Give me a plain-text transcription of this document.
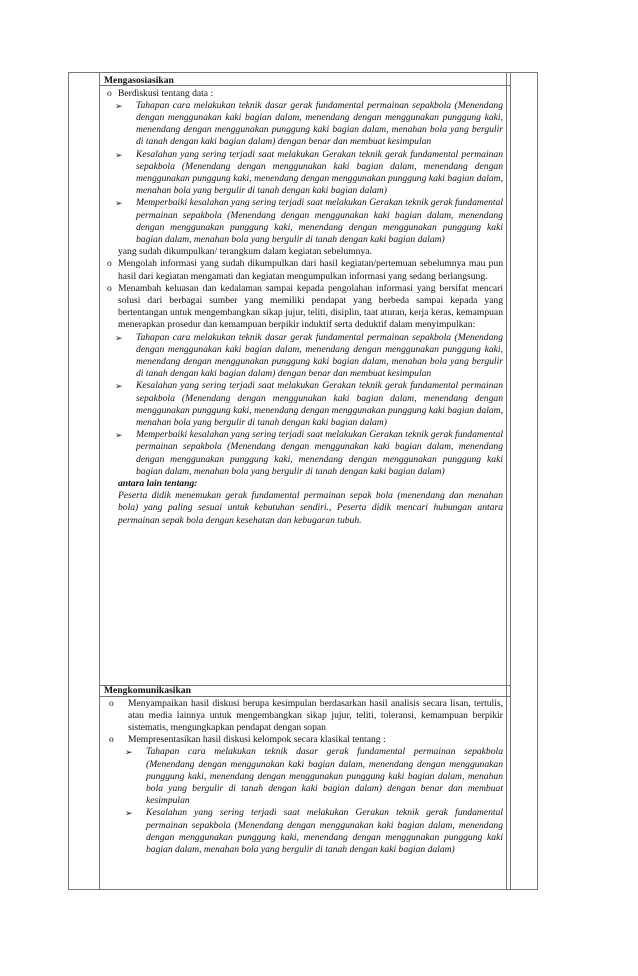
Mengasosiasikan
o Berdiskusi tentang data :
➢ Tahapan cara melakukan teknik dasar gerak fundamental permainan sepakbola (Menendang dengan menggunakan kaki bagian dalam, menendang dengan menggunakan punggung kaki, menendang dengan menggunakan punggung kaki bagian dalam, menahan bola yang bergulir di tanah dengan kaki bagian dalam) dengan benar dan membuat kesimpulan
➢ Kesalahan yang sering terjadi saat melakukan Gerakan teknik gerak fundamental permainan sepakbola (Menendang dengan menggunakan kaki bagian dalam, menendang dengan menggunakan punggung kaki, menendang dengan menggunakan punggung kaki bagian dalam, menahan bola yang bergulir di tanah dengan kaki bagian dalam)
➢ Memperbaiki kesalahan yang sering terjadi saat melakukan Gerakan teknik gerak fundamental permainan sepakbola (Menendang dengan menggunakan kaki bagian dalam, menendang dengan menggunakan punggung kaki, menendang dengan menggunakan punggung kaki bagian dalam, menahan bola yang bergulir di tanah dengan kaki bagian dalam)
yang sudah dikumpulkan/ terangkum dalam kegiatan sebelumnya.
o Mengolah informasi yang sudah dikumpulkan dari hasil kegiatan/pertemuan sebelumnya mau pun hasil dari kegiatan mengamati dan kegiatan mengumpulkan informasi yang sedang berlangsung.
o Menambah keluasan dan kedalaman sampai kepada pengolahan informasi yang bersifat mencari solusi dari berbagai sumber yang memiliki pendapat yang berbeda sampai kepada yang bertentangan untuk mengembangkan sikap jujur, teliti, disiplin, taat aturan, kerja keras, kemampuan menerapkan prosedur dan kemampuan berpikir induktif serta deduktif dalam menyimpulkan:
➢ Tahapan cara melakukan teknik dasar gerak fundamental permainan sepakbola (Menendang dengan menggunakan kaki bagian dalam, menendang dengan menggunakan punggung kaki, menendang dengan menggunakan punggung kaki bagian dalam, menahan bola yang bergulir di tanah dengan kaki bagian dalam) dengan benar dan membuat kesimpulan
➢ Kesalahan yang sering terjadi saat melakukan Gerakan teknik gerak fundamental permainan sepakbola (Menendang dengan menggunakan kaki bagian dalam, menendang dengan menggunakan punggung kaki, menendang dengan menggunakan punggung kaki bagian dalam, menahan bola yang bergulir di tanah dengan kaki bagian dalam)
➢ Memperbaiki kesalahan yang sering terjadi saat melakukan Gerakan teknik gerak fundamental permainan sepakbola (Menendang dengan menggunakan kaki bagian dalam, menendang dengan menggunakan punggung kaki, menendang dengan menggunakan punggung kaki bagian dalam, menahan bola yang bergulir di tanah dengan kaki bagian dalam)
antara lain tentang:
Peserta didik menemukan gerak fundamental permainan sepak bola (menendang dan menahan bola) yang paling sesuai untuk kebutuhan sendiri., Peserta didik mencari hubungan antara permainan sepak bola dengan kesehatan dan kebugaran tubuh.
Mengkomunikasikan
o Menyampaikan hasil diskusi berupa kesimpulan berdasarkan hasil analisis secara lisan, tertulis, atau media lainnya untuk mengembangkan sikap jujur, teliti, toleransi, kemampuan berpikir sistematis, mengungkapkan pendapat dengan sopan
o Mempresentasikan hasil diskusi kelompok secara klasikal tentang :
➢ Tahapan cara melakukan teknik dasar gerak fundamental permainan sepakbola (Menendang dengan menggunakan kaki bagian dalam, menendang dengan menggunakan punggung kaki, menendang dengan menggunakan punggung kaki bagian dalam, menahan bola yang bergulir di tanah dengan kaki bagian dalam) dengan benar dan membuat kesimpulan
➢ Kesalahan yang sering terjadi saat melakukan Gerakan teknik gerak fundamental permainan sepakbola (Menendang dengan menggunakan kaki bagian dalam, menendang dengan menggunakan punggung kaki, menendang dengan menggunakan punggung kaki bagian dalam, menahan bola yang bergulir di tanah dengan kaki bagian dalam)
